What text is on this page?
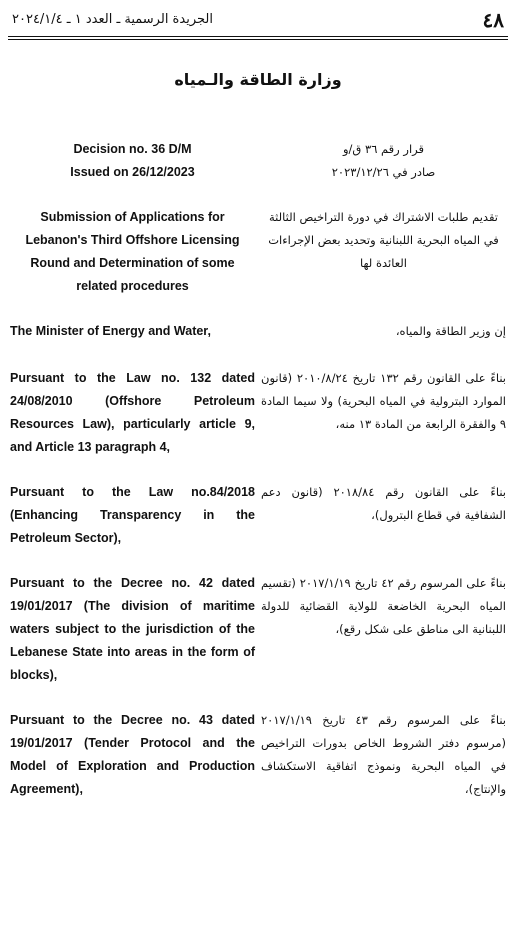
٤٨
الجريدة الرسمية ـ العدد ١ ـ ٢٠٢٤/١/٤
وزارة الطاقة والـمياه
Decision no. 36 D/M
Issued on 26/12/2023
قرار رقم ٣٦ ق/و
صادر في ٢٠٢٣/١٢/٢٦
Submission of Applications for Lebanon's Third Offshore Licensing Round and Determination of some related procedures
تقديم طلبات الاشتراك في دورة التراخيص الثالثة في المياه البحرية اللبنانية وتحديد بعض الإجراءات العائدة لها
The Minister of Energy and Water,	إن وزير الطاقة والمياه،
Pursuant to the Law no. 132 dated 24/08/2010 (Offshore Petroleum Resources Law), particularly article 9, and Article 13 paragraph 4,
بناءً على القانون رقم ١٣٢ تاريخ ٢٠١٠/٨/٢٤ (قانون الموارد البترولية في المياه البحرية) ولا سيما المادة ٩ والفقرة الرابعة من المادة ١٣ منه،
Pursuant to the Law no.84/2018 (Enhancing Transparency in the Petroleum Sector),
بناءً على القانون رقم ٢٠١٨/٨٤ (قانون دعم الشفافية في قطاع البترول)،
Pursuant to the Decree no. 42 dated 19/01/2017 (The division of maritime waters subject to the jurisdiction of the Lebanese State into areas in the form of blocks),
بناءً على المرسوم رقم ٤٢ تاريخ ٢٠١٧/١/١٩ (تقسيم المياه البحرية الخاضعة للولاية القضائية للدولة اللبنانية الى مناطق على شكل رقع)،
Pursuant to the Decree no. 43 dated 19/01/2017 (Tender Protocol and the Model of Exploration and Production Agreement),
بناءً على المرسوم رقم ٤٣ تاريخ ٢٠١٧/١/١٩ (مرسوم دفتر الشروط الخاص بدورات التراخيص في المياه البحرية ونموذج اتفاقية الاستكشاف والإنتاج)،
